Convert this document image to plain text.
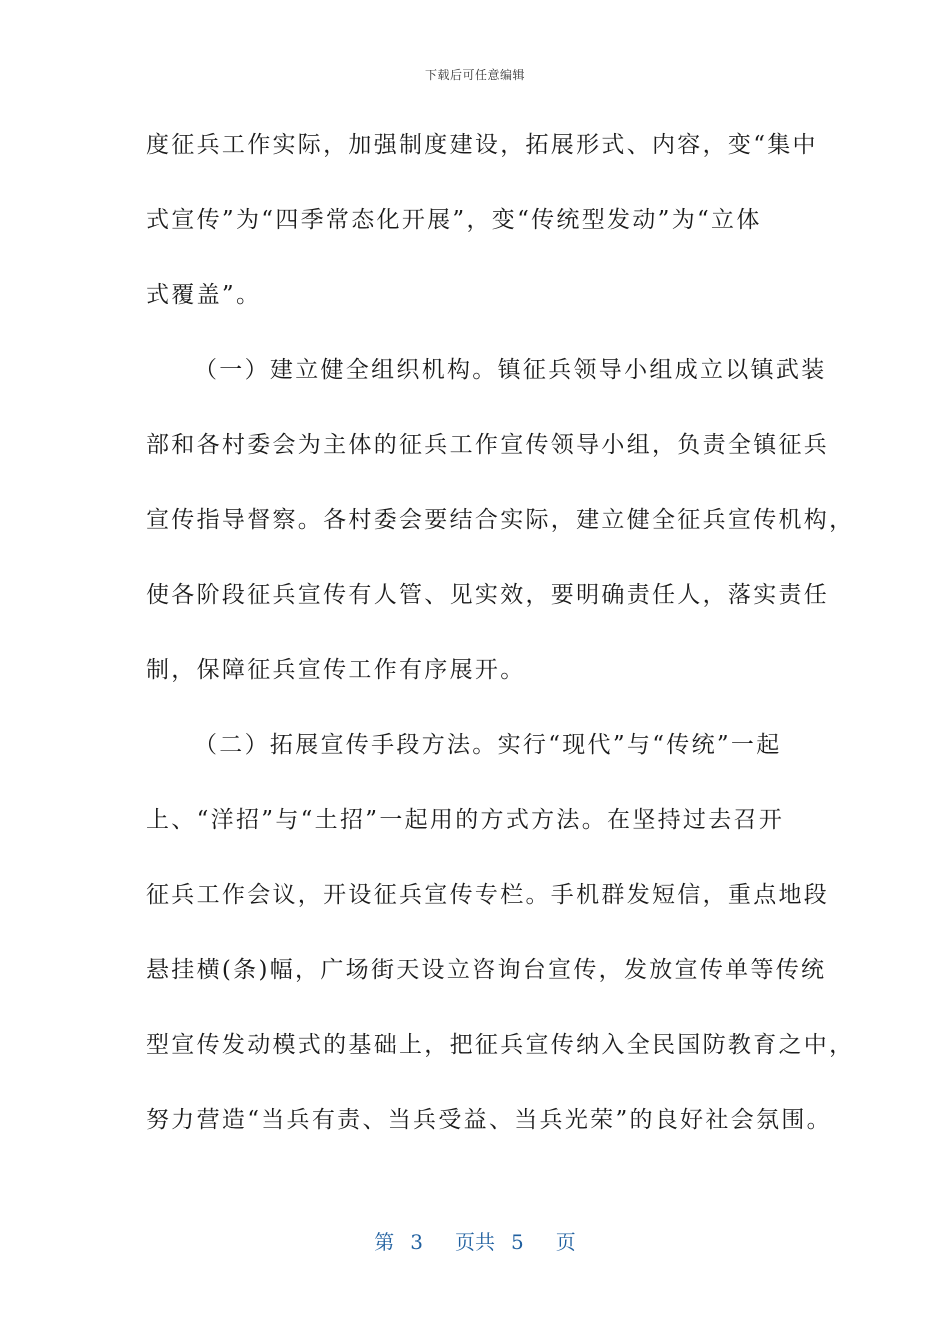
下载后可任意编辑
度征兵工作实际，加强制度建设，拓展形式、内容，变“集中
式宣传”为“四季常态化开展”，变“传统型发动”为“立体
式覆盖”。
（一）建立健全组织机构。镇征兵领导小组成立以镇武装
部和各村委会为主体的征兵工作宣传领导小组，负责全镇征兵
宣传指导督察。各村委会要结合实际，建立健全征兵宣传机构，
使各阶段征兵宣传有人管、见实效，要明确责任人，落实责任
制，保障征兵宣传工作有序展开。
（二）拓展宣传手段方法。实行“现代”与“传统”一起
上、“洋招”与“土招”一起用的方式方法。在坚持过去召开
征兵工作会议，开设征兵宣传专栏。手机群发短信，重点地段
悬挂横(条)幅，广场街天设立咨询台宣传，发放宣传单等传统
型宣传发动模式的基础上，把征兵宣传纳入全民国防教育之中，
努力营造“当兵有责、当兵受益、当兵光荣”的良好社会氛围。
第 3 页共 5 页
